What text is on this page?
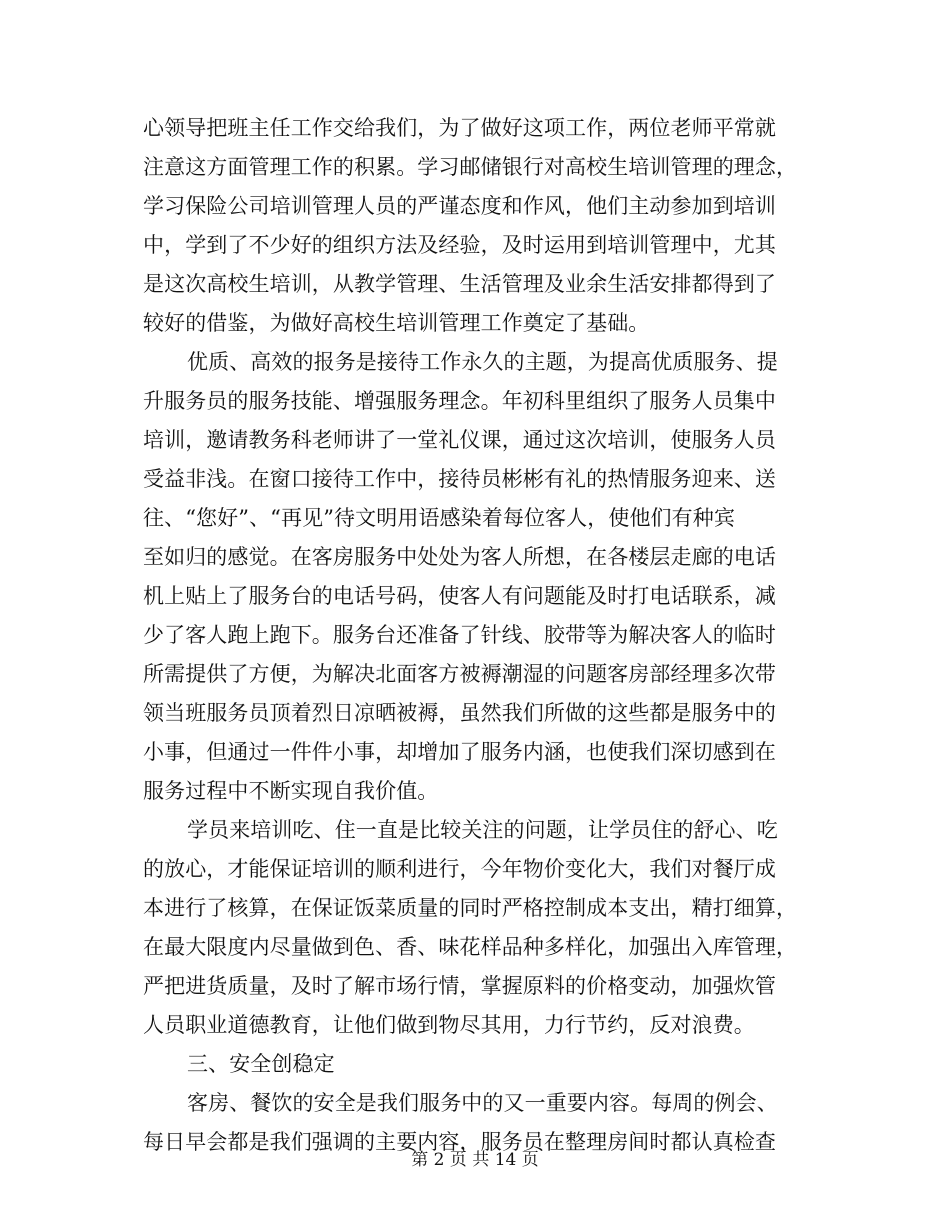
心领导把班主任工作交给我们，为了做好这项工作，两位老师平常就
注意这方面管理工作的积累。学习邮储银行对高校生培训管理的理念，
学习保险公司培训管理人员的严谨态度和作风，他们主动参加到培训
中，学到了不少好的组织方法及经验，及时运用到培训管理中，尤其
是这次高校生培训，从教学管理、生活管理及业余生活安排都得到了
较好的借鉴，为做好高校生培训管理工作奠定了基础。
优质、高效的报务是接待工作永久的主题，为提高优质服务、提
升服务员的服务技能、增强服务理念。年初科里组织了服务人员集中
培训，邀请教务科老师讲了一堂礼仪课，通过这次培训，使服务人员
受益非浅。在窗口接待工作中，接待员彬彬有礼的热情服务迎来、送
往、“您好”、“再见”待文明用语感染着每位客人，使他们有种宾
至如归的感觉。在客房服务中处处为客人所想，在各楼层走廊的电话
机上贴上了服务台的电话号码，使客人有问题能及时打电话联系，减
少了客人跑上跑下。服务台还准备了针线、胶带等为解决客人的临时
所需提供了方便，为解决北面客方被褥潮湿的问题客房部经理多次带
领当班服务员顶着烈日凉晒被褥，虽然我们所做的这些都是服务中的
小事，但通过一件件小事，却增加了服务内涵，也使我们深切感到在
服务过程中不断实现自我价值。
学员来培训吃、住一直是比较关注的问题，让学员住的舒心、吃
的放心，才能保证培训的顺利进行，今年物价变化大，我们对餐厅成
本进行了核算，在保证饭菜质量的同时严格控制成本支出，精打细算，
在最大限度内尽量做到色、香、味花样品种多样化，加强出入库管理，
严把进货质量，及时了解市场行情，掌握原料的价格变动，加强炊管
人员职业道德教育，让他们做到物尽其用，力行节约，反对浪费。
三、安全创稳定
客房、餐饮的安全是我们服务中的又一重要内容。每周的例会、
每日早会都是我们强调的主要内容，服务员在整理房间时都认真检查
第 2 页 共 14 页
